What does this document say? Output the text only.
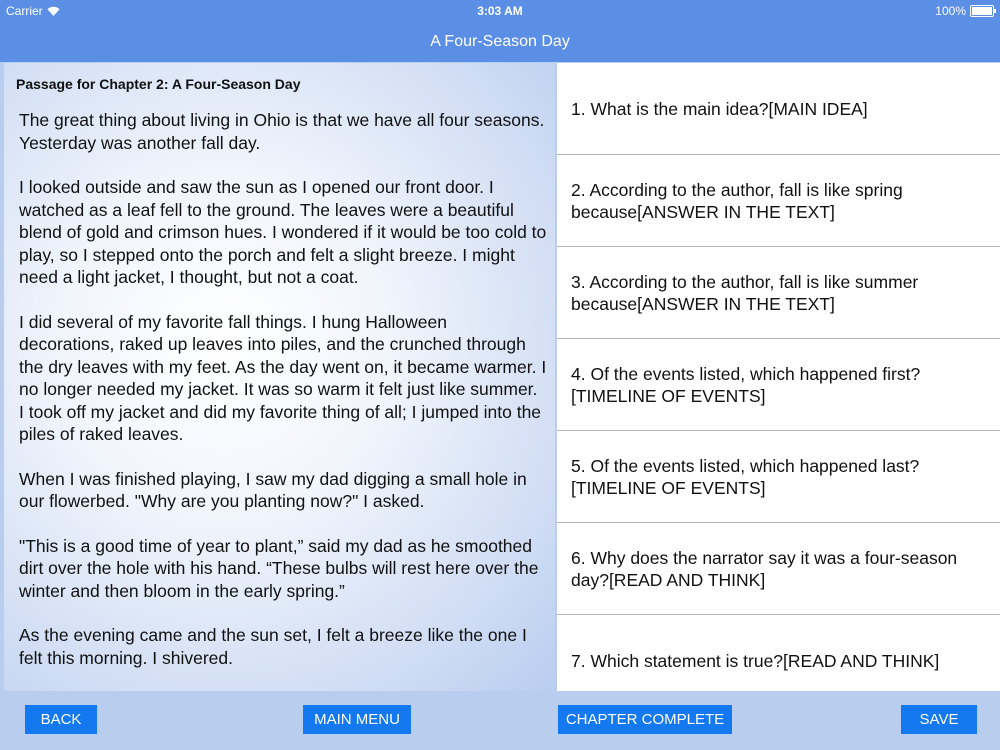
Carrier	3:03 AM	100%
A Four-Season Day
Passage for Chapter 2: A Four-Season Day

The great thing about living in Ohio is that we have all four seasons. Yesterday was another fall day.

I looked outside and saw the sun as I opened our front door. I watched as a leaf fell to the ground. The leaves were a beautiful blend of gold and crimson hues. I wondered if it would be too cold to play, so I stepped onto the porch and felt a slight breeze. I might need a light jacket, I thought, but not a coat.

I did several of my favorite fall things. I hung Halloween decorations, raked up leaves into piles, and the crunched through the dry leaves with my feet. As the day went on, it became warmer. I no longer needed my jacket. It was so warm it felt just like summer. I took off my jacket and did my favorite thing of all; I jumped into the piles of raked leaves.

When I was finished playing, I saw my dad digging a small hole in our flowerbed. "Why are you planting now?" I asked.

"This is a good time of year to plant,” said my dad as he smoothed dirt over the hole with his hand. “These bulbs will rest here over the winter and then bloom in the early spring.”

As the evening came and the sun set, I felt a breeze like the one I felt this morning. I shivered.

1. What is the main idea?[MAIN IDEA]
2. According to the author, fall is like spring because[ANSWER IN THE TEXT]
3. According to the author, fall is like summer because[ANSWER IN THE TEXT]
4. Of the events listed, which happened first?[TIMELINE OF EVENTS]
5. Of the events listed, which happened last?[TIMELINE OF EVENTS]
6. Why does the narrator say it was a four-season day?[READ AND THINK]
7. Which statement is true?[READ AND THINK]
BACK	MAIN MENU	CHAPTER COMPLETE	SAVE
